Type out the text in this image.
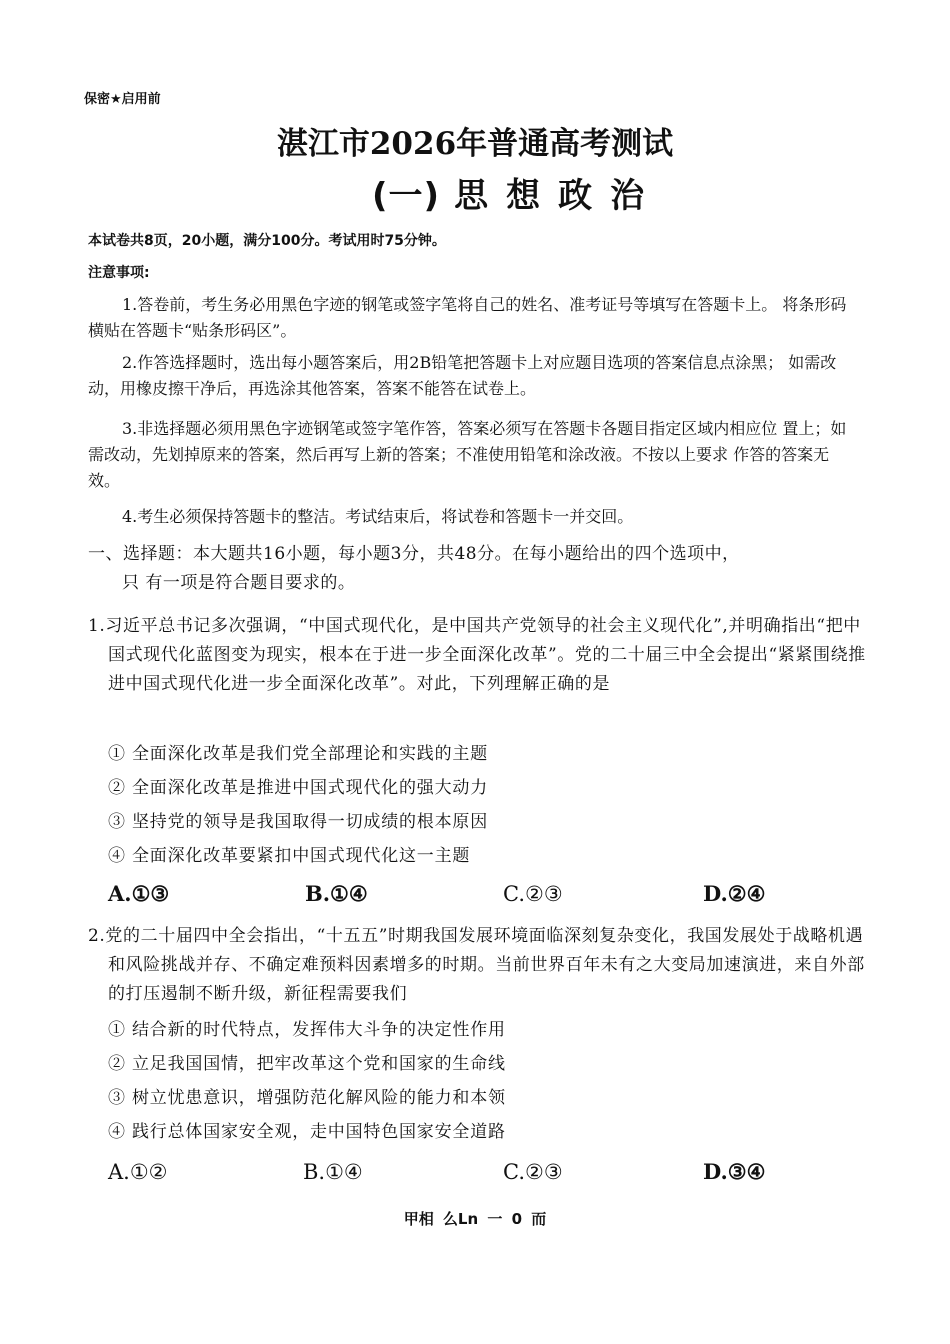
保密★启用前
湛江市2026年普通高考测试
(一) 思想政治
本试卷共8页，20小题，满分100分。考试用时75分钟。
注意事项:
1.答卷前，考生务必用黑色字迹的钢笔或签字笔将自己的姓名、准考证号等填写在答题卡上。 将条形码横贴在答题卡“贴条形码区”。
2.作答选择题时，选出每小题答案后，用2B铅笔把答题卡上对应题目选项的答案信息点涂黑； 如需改动，用橡皮擦干净后，再选涂其他答案，答案不能答在试卷上。
3.非选择题必须用黑色字迹钢笔或签字笔作答，答案必须写在答题卡各题目指定区域内相应位 置上；如需改动，先划掉原来的答案，然后再写上新的答案；不准使用铅笔和涂改液。不按以上要求 作答的答案无效。
4.考生必须保持答题卡的整洁。考试结束后，将试卷和答题卡一并交回。
一、选择题：本大题共16小题，每小题3分，共48分。在每小题给出的四个选项中，
只 有一项是符合题目要求的。
1.习近平总书记多次强调，“中国式现代化，是中国共产党领导的社会主义现代化”,并明确指出“把中国式现代化蓝图变为现实，根本在于进一步全面深化改革”。党的二十届三中全会提出“紧紧围绕推进中国式现代化进一步全面深化改革”。对此，下列理解正确的是
① 全面深化改革是我们党全部理论和实践的主题
② 全面深化改革是推进中国式现代化的强大动力
③ 坚持党的领导是我国取得一切成绩的根本原因
④ 全面深化改革要紧扣中国式现代化这一主题
A.①③	B.①④	C.②③	D.②④
2.党的二十届四中全会指出，“十五五”时期我国发展环境面临深刻复杂变化，我国发展处于战略机遇和风险挑战并存、不确定难预料因素增多的时期。当前世界百年未有之大变局加速演进，来自外部的打压遏制不断升级，新征程需要我们
① 结合新的时代特点，发挥伟大斗争的决定性作用
② 立足我国国情，把牢改革这个党和国家的生命线
③ 树立忧患意识，增强防范化解风险的能力和本领
④ 践行总体国家安全观，走中国特色国家安全道路
A.①②	B.①④	C.②③	D.③④
甲相 么Ln 一 0 而
